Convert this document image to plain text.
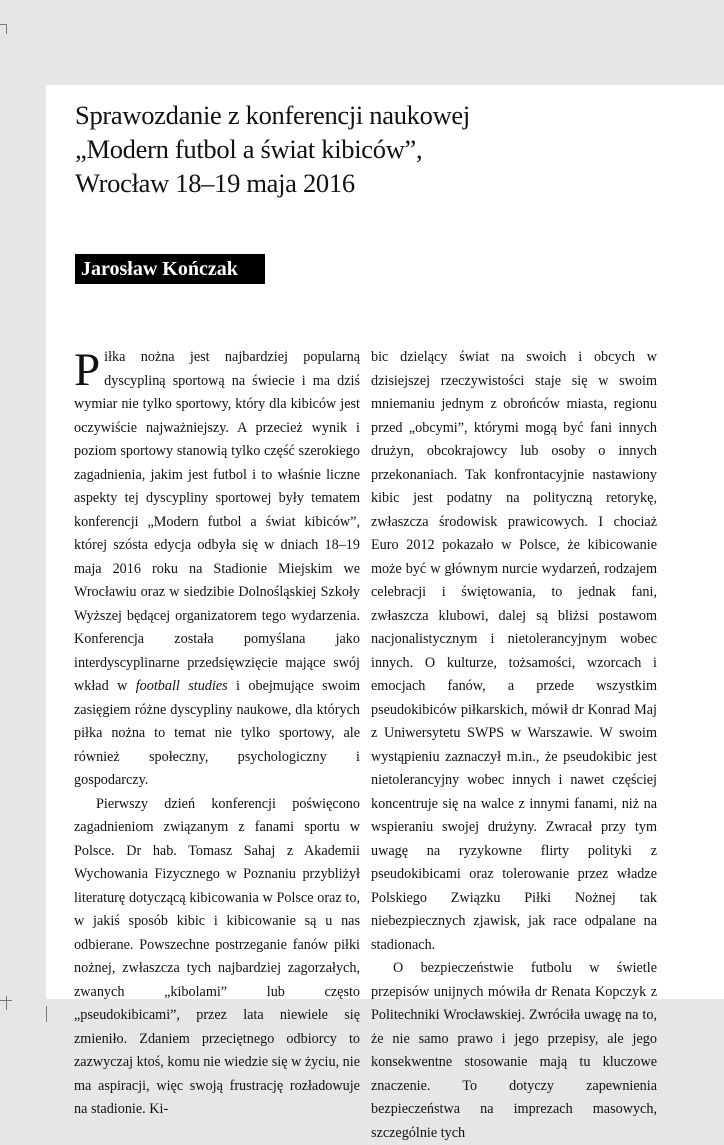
Sprawozdanie z konferencji naukowej
„Modern futbol a świat kibiców”,
Wrocław 18–19 maja 2016
Jarosław Kończak

Piłka nożna jest najbardziej popularną dyscypliną sportową na świecie i ma dziś wymiar nie tylko sportowy, który dla kibiców jest oczywiście najważniejszy. A przecież wynik i poziom sportowy stanowią tylko część szerokiego zagadnienia, jakim jest futbol i to właśnie liczne aspekty tej dyscypliny sportowej były tematem konferencji „Modern futbol a świat kibiców”, której szósta edycja odbyła się w dniach 18–19 maja 2016 roku na Stadionie Miejskim we Wrocławiu oraz w siedzibie Dolnośląskiej Szkoły Wyższej będącej organizatorem tego wydarzenia. Konferencja została pomyślana jako interdyscyplinarne przedsięwzięcie mające swój wkład w football studies i obejmujące swoim zasięgiem różne dyscypliny naukowe, dla których piłka nożna to temat nie tylko sportowy, ale również społeczny, psychologiczny i gospodarczy.

Pierwszy dzień konferencji poświęcono zagadnieniom związanym z fanami sportu w Polsce. Dr hab. Tomasz Sahaj z Akademii Wychowania Fizycznego w Poznaniu przybliżył literaturę dotyczącą kibicowania w Polsce oraz to, w jakiś sposób kibic i kibicowanie są u nas odbierane. Powszechne postrzeganie fanów piłki nożnej, zwłaszcza tych najbardziej zagorzałych, zwanych „kibolami” lub często „pseudokibicami”, przez lata niewiele się zmieniło. Zdaniem przeciętnego odbiorcy to zazwyczaj ktoś, komu nie wiedzie się w życiu, nie ma aspiracji, więc swoją frustrację rozładowuje na stadionie. Ki-

bic dzielący świat na swoich i obcych w dzisiejszej rzeczywistości staje się w swoim mniemaniu jednym z obrońców miasta, regionu przed „obcymi”, którymi mogą być fani innych drużyn, obcokrajowcy lub osoby o innych przekonaniach. Tak konfrontacyjnie nastawiony kibic jest podatny na polityczną retorykę, zwłaszcza środowisk prawicowych. I chociaż Euro 2012 pokazało w Polsce, że kibicowanie może być w głównym nurcie wydarzeń, rodzajem celebracji i świętowania, to jednak fani, zwłaszcza klubowi, dalej są bliżsi postawom nacjonalistycznym i nietolerancyjnym wobec innych. O kulturze, tożsamości, wzorcach i emocjach fanów, a przede wszystkim pseudokibiców piłkarskich, mówił dr Konrad Maj z Uniwersytetu SWPS w Warszawie. W swoim wystąpieniu zaznaczył m.in., że pseudokibic jest nietolerancyjny wobec innych i nawet częściej koncentruje się na walce z innymi fanami, niż na wspieraniu swojej drużyny. Zwracał przy tym uwagę na ryzykowne flirty polityki z pseudokibicami oraz tolerowanie przez władze Polskiego Związku Piłki Nożnej tak niebezpiecznych zjawisk, jak race odpalane na stadionach.

O bezpieczeństwie futbolu w świetle przepisów unijnych mówiła dr Renata Kopczyk z Politechniki Wrocławskiej. Zwróciła uwagę na to, że nie samo prawo i jego przepisy, ale jego konsekwentne stosowanie mają tu kluczowe znaczenie. To dotyczy zapewnienia bezpieczeństwa na imprezach masowych, szczególnie tych
